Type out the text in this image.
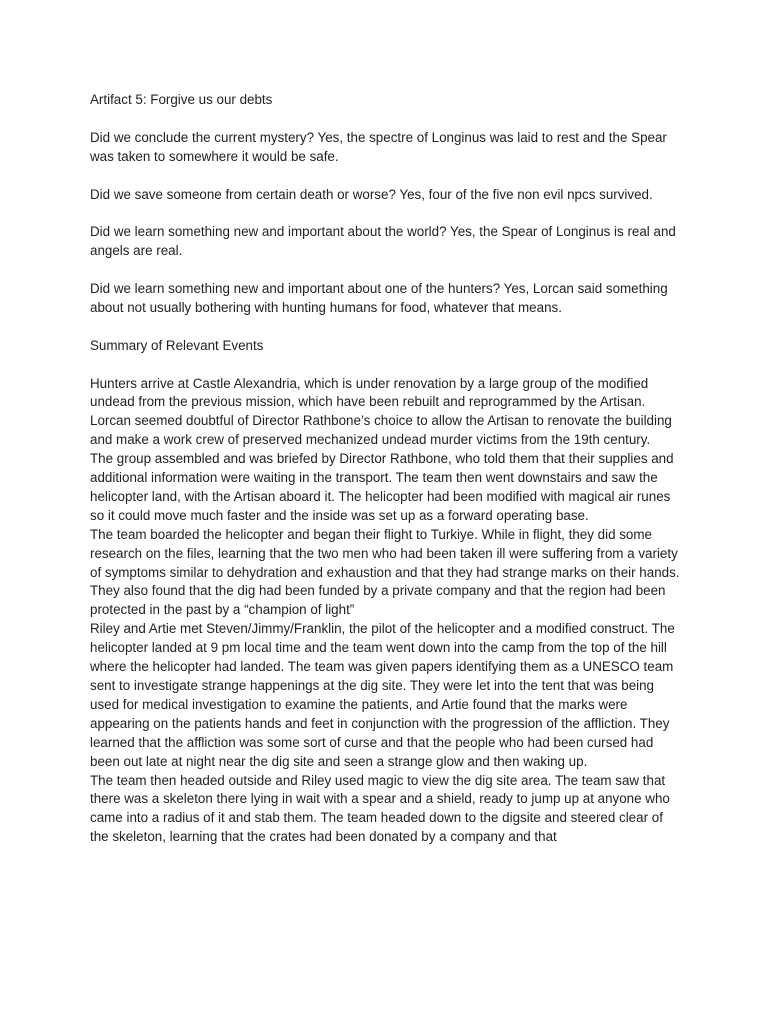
Artifact 5: Forgive us our debts

Did we conclude the current mystery? Yes, the spectre of Longinus was laid to rest and the Spear was taken to somewhere it would be safe.

Did we save someone from certain death or worse? Yes, four of the five non evil npcs survived.

Did we learn something new and important about the world? Yes, the Spear of Longinus is real and angels are real.

Did we learn something new and important about one of the hunters? Yes, Lorcan said something about not usually bothering with hunting humans for food, whatever that means.

Summary of Relevant Events

Hunters arrive at Castle Alexandria, which is under renovation by a large group of the modified undead from the previous mission, which have been rebuilt and reprogrammed by the Artisan. Lorcan seemed doubtful of Director Rathbone’s choice to allow the Artisan to renovate the building and make a work crew of preserved mechanized undead murder victims from the 19th century.

The group assembled and was briefed by Director Rathbone, who told them that their supplies and additional information were waiting in the transport. The team then went downstairs and saw the helicopter land, with the Artisan aboard it. The helicopter had been modified with magical air runes so it could move much faster and the inside was set up as a forward operating base.

The team boarded the helicopter and began their flight to Turkiye. While in flight, they did some research on the files, learning that the two men who had been taken ill were suffering from a variety of symptoms similar to dehydration and exhaustion and that they had strange marks on their hands. They also found that the dig had been funded by a private company and that the region had been protected in the past by a “champion of light”

Riley and Artie met Steven/Jimmy/Franklin, the pilot of the helicopter and a modified construct. The helicopter landed at 9 pm local time and the team went down into the camp from the top of the hill where the helicopter had landed. The team was given papers identifying them as a UNESCO team sent to investigate strange happenings at the dig site. They were let into the tent that was being used for medical investigation to examine the patients, and Artie found that the marks were appearing on the patients hands and feet in conjunction with the progression of the affliction. They learned that the affliction was some sort of curse and that the people who had been cursed had been out late at night near the dig site and seen a strange glow and then waking up.

The team then headed outside and Riley used magic to view the dig site area. The team saw that there was a skeleton there lying in wait with a spear and a shield, ready to jump up at anyone who came into a radius of it and stab them. The team headed down to the digsite and steered clear of the skeleton, learning that the crates had been donated by a company and that
